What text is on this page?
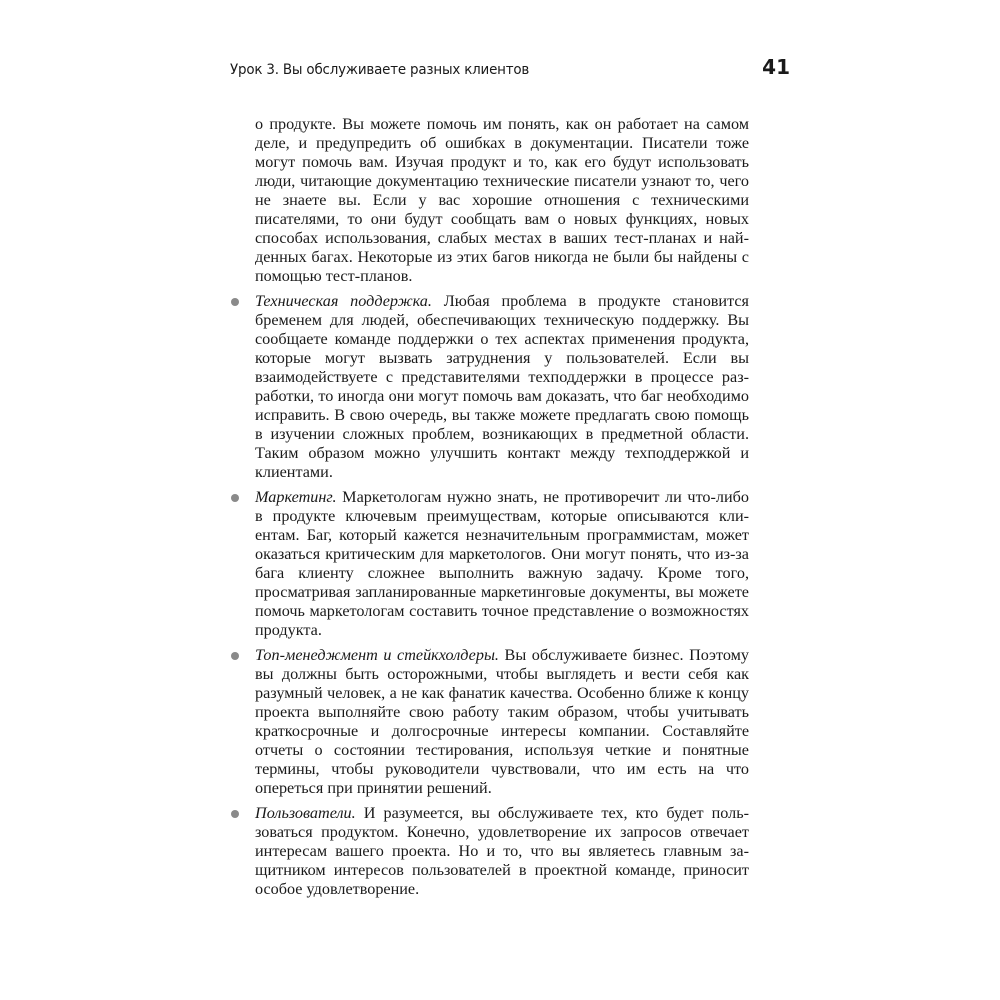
Урок 3. Вы обслуживаете разных клиентов	41

о продукте. Вы можете помочь им понять, как он работает на самом деле, и предупредить об ошибках в документации. Писатели тоже могут помочь вам. Изучая продукт и то, как его будут использовать люди, читающие документацию технические писатели узнают то, чего не знаете вы. Если у вас хорошие отношения с техническими писателями, то они будут сообщать вам о новых функциях, новых способах использования, слабых местах в ваших тест-планах и найденных багах. Некоторые из этих багов никогда не были бы найдены с помощью тест-планов.

Техническая поддержка. Любая проблема в продукте становится бременем для людей, обеспечивающих техническую поддержку. Вы сообщаете команде поддержки о тех аспектах применения продукта, которые могут вызвать затруднения у пользователей. Если вы взаимодействуете с представителями техподдержки в процессе разработки, то иногда они могут помочь вам доказать, что баг необходимо исправить. В свою очередь, вы также можете предлагать свою помощь в изучении сложных проблем, возникающих в предметной области. Таким образом можно улучшить контакт между техподдержкой и клиентами.
Маркетинг. Маркетологам нужно знать, не противоречит ли что-либо в продукте ключевым преимуществам, которые описываются клиентам. Баг, который кажется незначительным программистам, может оказаться критическим для маркетологов. Они могут понять, что из-за бага клиенту сложнее выполнить важную задачу. Кроме того, просматривая запланированные маркетинговые документы, вы можете помочь маркетологам составить точное представление о возможностях продукта.
Топ-менеджмент и стейкхолдеры. Вы обслуживаете бизнес. Поэтому вы должны быть осторожными, чтобы выглядеть и вести себя как разумный человек, а не как фанатик качества. Особенно ближе к концу проекта выполняйте свою работу таким образом, чтобы учитывать краткосрочные и долгосрочные интересы компании. Составляйте отчеты о состоянии тестирования, используя четкие и понятные термины, чтобы руководители чувствовали, что им есть на что опереться при принятии решений.
Пользователи. И разумеется, вы обслуживаете тех, кто будет пользоваться продуктом. Конечно, удовлетворение их запросов отвечает интересам вашего проекта. Но и то, что вы являетесь главным защитником интересов пользователей в проектной команде, приносит особое удовлетворение.
